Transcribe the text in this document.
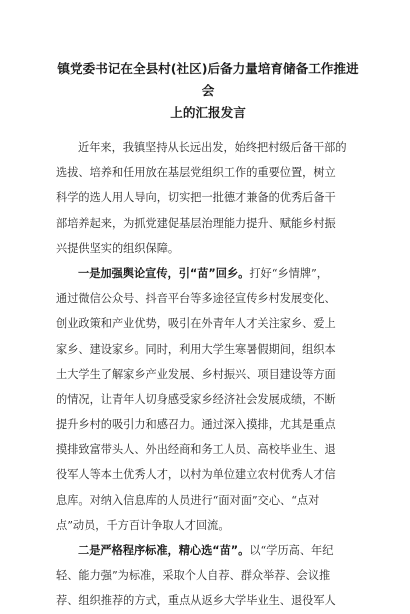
镇党委书记在全县村(社区)后备力量培育储备工作推进会
上的汇报发言
近年来，我镇坚持从长远出发，始终把村级后备干部的
选拔、培养和任用放在基层党组织工作的重要位置，树立
科学的选人用人导向，切实把一批德才兼备的优秀后备干
部培养起来，为抓党建促基层治理能力提升、赋能乡村振
兴提供坚实的组织保障。
一是加强舆论宣传，引“苗”回乡。打好“乡情牌”，
通过微信公众号、抖音平台等多途径宣传乡村发展变化、
创业政策和产业优势，吸引在外青年人才关注家乡、爱上
家乡、建设家乡。同时，利用大学生寒暑假期间，组织本
土大学生了解家乡产业发展、乡村振兴、项目建设等方面
的情况，让青年人切身感受家乡经济社会发展成绩，不断
提升乡村的吸引力和感召力。通过深入摸排，尤其是重点
摸排致富带头人、外出经商和务工人员、高校毕业生、退
役军人等本土优秀人才，以村为单位建立农村优秀人才信
息库。对纳入信息库的人员进行“面对面”交心、“点对
点”动员，千方百计争取人才回流。
二是严格程序标准，精心选“苗”。以“学历高、年纪
轻、能力强”为标准，采取个人自荐、群众举荐、会议推
荐、组织推荐的方式，重点从返乡大学毕业生、退役军人
